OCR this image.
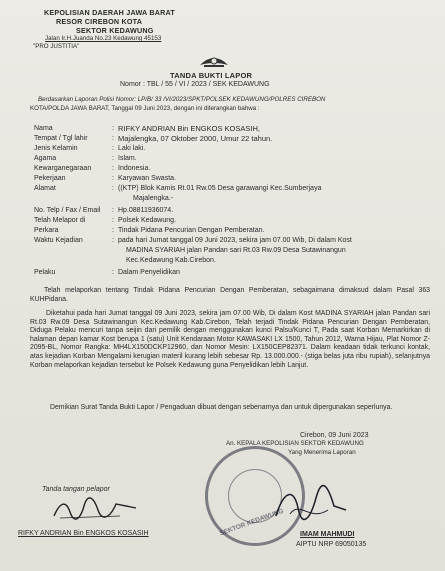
KEPOLISIAN DAERAH JAWA BARAT
RESOR CIREBON KOTA
SEKTOR KEDAWUNG
Jalan Ir.H.Juanda No.23 Kedawung 45153
"PRO JUSTITIA"
TANDA BUKTI LAPOR
Nomor : TBL / 55 / VI / 2023 / SEK KEDAWUNG
Berdasarkan Laporan Polisi Nomor: LP/B/ 33 /VI/2023/SPKT/POLSEK KEDAWUNG/POLRES CIREBON
KOTA/POLDA JAWA BARAT, Tanggal 09 Juni 2023, dengan ini diterangkan bahwa :
Nama	: RIFKY ANDRIAN Bin ENGKOS KOSASIH,
Tempat / Tgl lahir	: Majalengka, 07 Oktober 2000, Umur 22 tahun.
Jenis Kelamin	: Laki laki.
Agama	: Islam.
Kewarganegaraan	: Indonesia.
Pekerjaan	: Karyawan Swasta.
Alamat	: ((KTP) Blok Kamis Rt.01 Rw.05 Desa garawangi Kec.Sumberjaya
Majalengka.-
No. Telp / Fax / Email : Hp.08811936074.
Telah Melapor di	: Polsek Kedawung.
Perkara	: Tindak Pidana Pencurian Dengan Pemberatan.
Waktu Kejadian	: pada hari Jumat tanggal 09 Juni 2023, sekira jam 07.00 Wib, Di dalam Kost
MADINA SYARIAH jalan Pandan sari Rt.03 Rw.09 Desa Sutawinangun
Kec.Kedawung Kab.Cirebon.
Pelaku	: Dalam Penyelidikan
Telah melaporkan tentang Tindak Pidana Pencurian Dengan Pemberatan, sebagaimana dimaksud dalam Pasal 363 KUHPidana.
Diketahui pada hari Jumat tanggal 09 Juni 2023, sekira jam 07.00 Wib, Di dalam Kost MADINA SYARIAH jalan Pandan sari Rt.03 Rw.09 Desa Sutawinangun Kec.Kedawung Kab.Cirebon, Telah terjadi Tindak Pidana Pencurian Dengan Pemberatan, Diduga Pelaku mencuri tanpa seijin dari pemilik dengan menggunakan kunci Palsu/Kunci T, Pada saat Korban Memarkirkan di halaman depan kamar Kost berupa 1 (satu) Unit Kendaraan Motor KAWASAKI LX 1500, Tahun 2012, Warna Hijau, Plat Nomor Z-2095-BL, Nomor Rangka: MH4LX150DCKP12960, dan Nomor Mesin: LX150CEP82371. Dalam keadaan tidak terkunci kontak, atas kejadian Korban Mengalami kerugian materil kurang lebih sebesar Rp. 13.000.000.- (stiga belas juta ribu rupiah), selanjutnya Korban melaporkan kejadian tersebut ke Polsek Kedawung guna Penyelidikan lebih Lanjut.
Demikian Surat Tanda Bukti Lapor / Pengaduan dibuat dengan sebenarnya dan untuk dipergunakan seperlunya.
Cirebon, 09 Juni 2023
An. KEPALA KEPOLISIAN SEKTOR KEDAWUNG
Yang Menerima Laporan
Tanda tangan pelapor
RIFKY ANDRIAN Bin ENGKOS KOSASIH	SEKTOR KEDAWUNG IMAM MAHMUDI
AIPTU NRP 69050135
